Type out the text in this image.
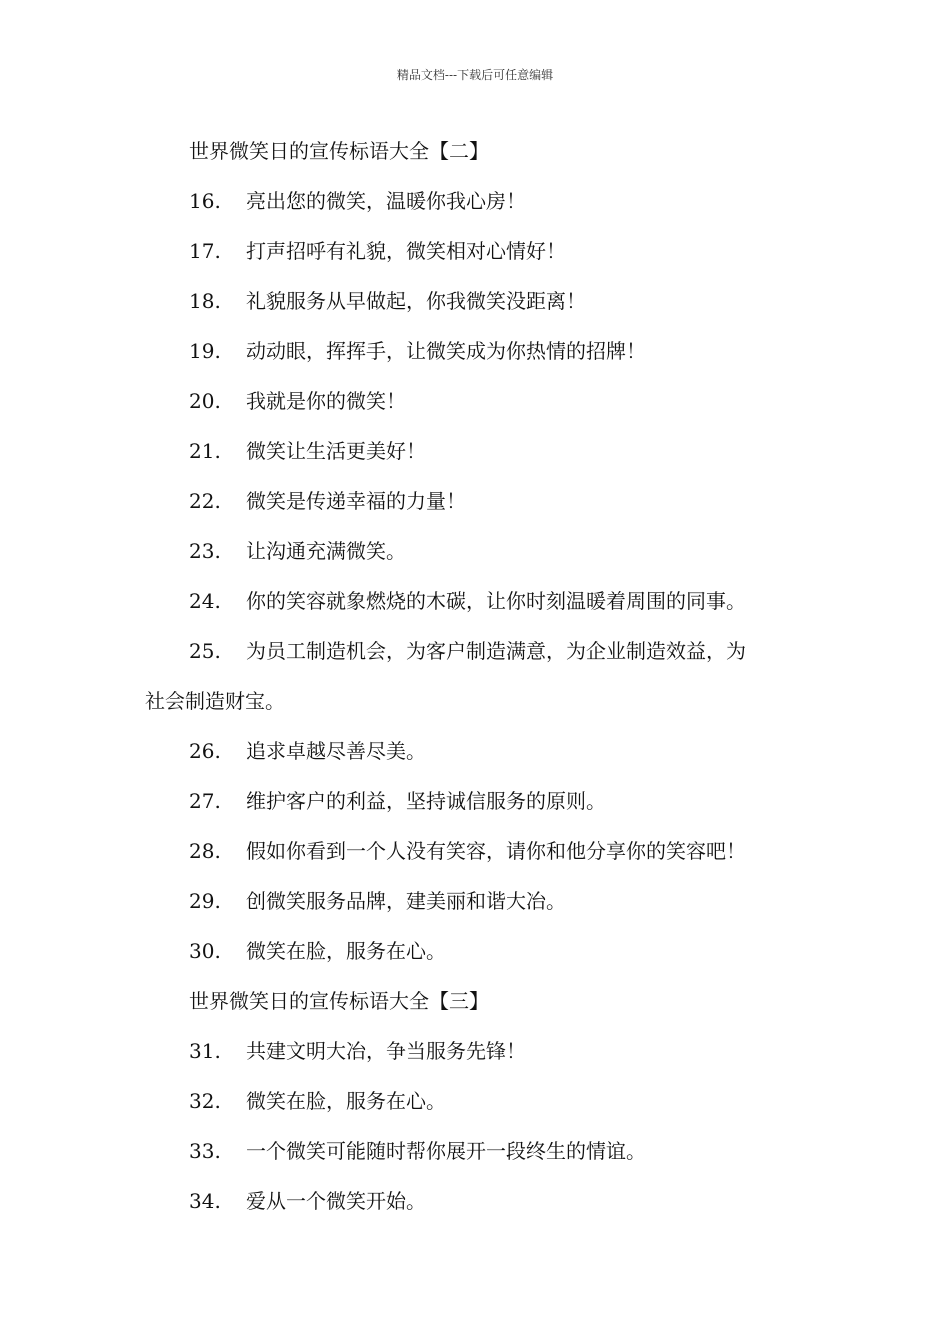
精品文档---下载后可任意编辑
世界微笑日的宣传标语大全【二】
16. 亮出您的微笑，温暖你我心房！
17. 打声招呼有礼貌，微笑相对心情好！
18. 礼貌服务从早做起，你我微笑没距离！
19. 动动眼，挥挥手，让微笑成为你热情的招牌！
20. 我就是你的微笑！
21. 微笑让生活更美好！
22. 微笑是传递幸福的力量！
23. 让沟通充满微笑。
24. 你的笑容就象燃烧的木碳，让你时刻温暖着周围的同事。
25. 为员工制造机会，为客户制造满意，为企业制造效益，为
社会制造财宝。
26. 追求卓越尽善尽美。
27. 维护客户的利益，坚持诚信服务的原则。
28. 假如你看到一个人没有笑容，请你和他分享你的笑容吧！
29. 创微笑服务品牌，建美丽和谐大冶。
30. 微笑在脸，服务在心。
世界微笑日的宣传标语大全【三】
31. 共建文明大冶，争当服务先锋！
32. 微笑在脸，服务在心。
33. 一个微笑可能随时帮你展开一段终生的情谊。
34. 爱从一个微笑开始。
